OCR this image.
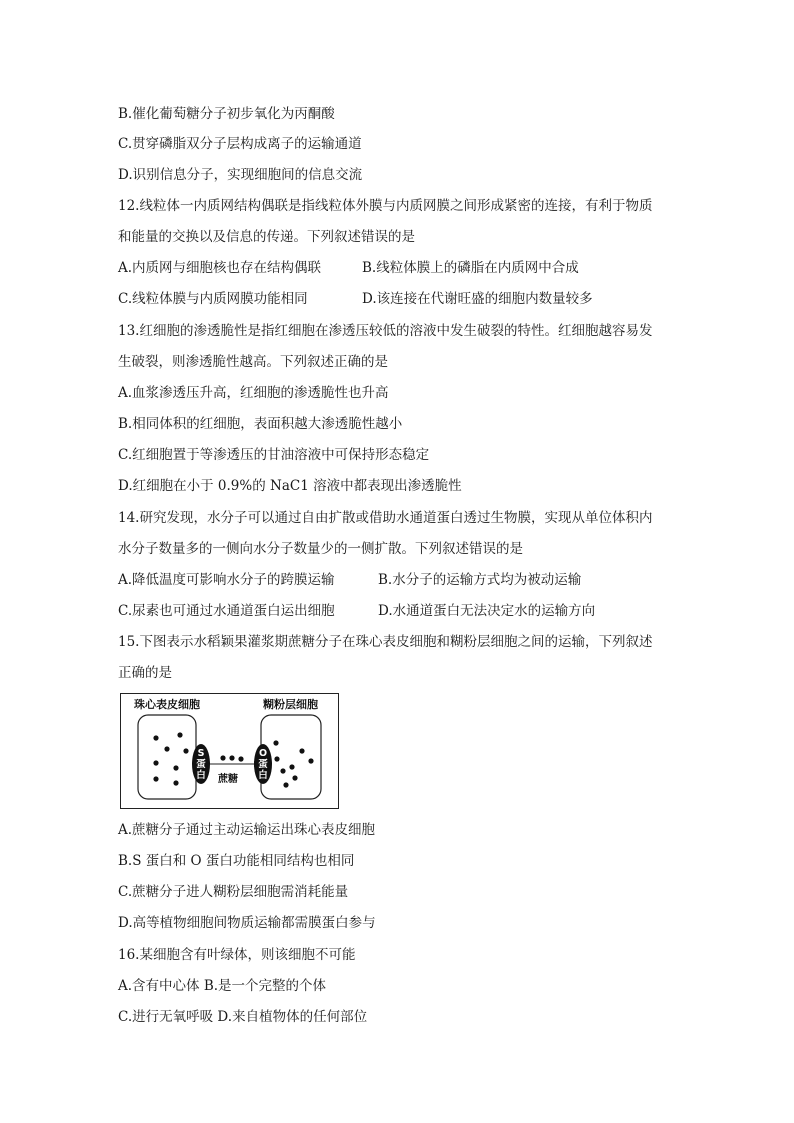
B.催化葡萄糖分子初步氧化为丙酮酸
C.贯穿磷脂双分子层构成离子的运输通道
D.识别信息分子，实现细胞间的信息交流
12.线粒体一内质网结构偶联是指线粒体外膜与内质网膜之间形成紧密的连接，有利于物质
和能量的交换以及信息的传递。下列叙述错误的是
A.内质网与细胞核也存在结构偶联	B.线粒体膜上的磷脂在内质网中合成
C.线粒体膜与内质网膜功能相同	D.该连接在代谢旺盛的细胞内数量较多
13.红细胞的渗透脆性是指红细胞在渗透压较低的溶液中发生破裂的特性。红细胞越容易发
生破裂，则渗透脆性越高。下列叙述正确的是
A.血浆渗透压升高，红细胞的渗透脆性也升高
B.相同体积的红细胞，表面积越大渗透脆性越小
C.红细胞置于等渗透压的甘油溶液中可保持形态稳定
D.红细胞在小于 0.9%的 NaC1 溶液中都表现出渗透脆性
14.研究发现，水分子可以通过自由扩散或借助水通道蛋白透过生物膜，实现从单位体积内
水分子数量多的一侧向水分子数量少的一侧扩散。下列叙述错误的是
A.降低温度可影响水分子的跨膜运输	B.水分子的运输方式均为被动运输
C.尿素也可通过水通道蛋白运出细胞	D.水通道蛋白无法决定水的运输方向
15.下图表示水稻颖果灌浆期蔗糖分子在珠心表皮细胞和糊粉层细胞之间的运输，下列叙述
正确的是
珠心表皮细胞	糊粉层细胞
S
蛋
白
O
蛋
白
蔗糖
A.蔗糖分子通过主动运输运出珠心表皮细胞
B.S 蛋白和 O 蛋白功能相同结构也相同
C.蔗糖分子进人糊粉层细胞需消耗能量
D.高等植物细胞间物质运输都需膜蛋白参与
16.某细胞含有叶绿体，则该细胞不可能
A.含有中心体 B.是一个完整的个体
C.进行无氧呼吸 D.来自植物体的任何部位
